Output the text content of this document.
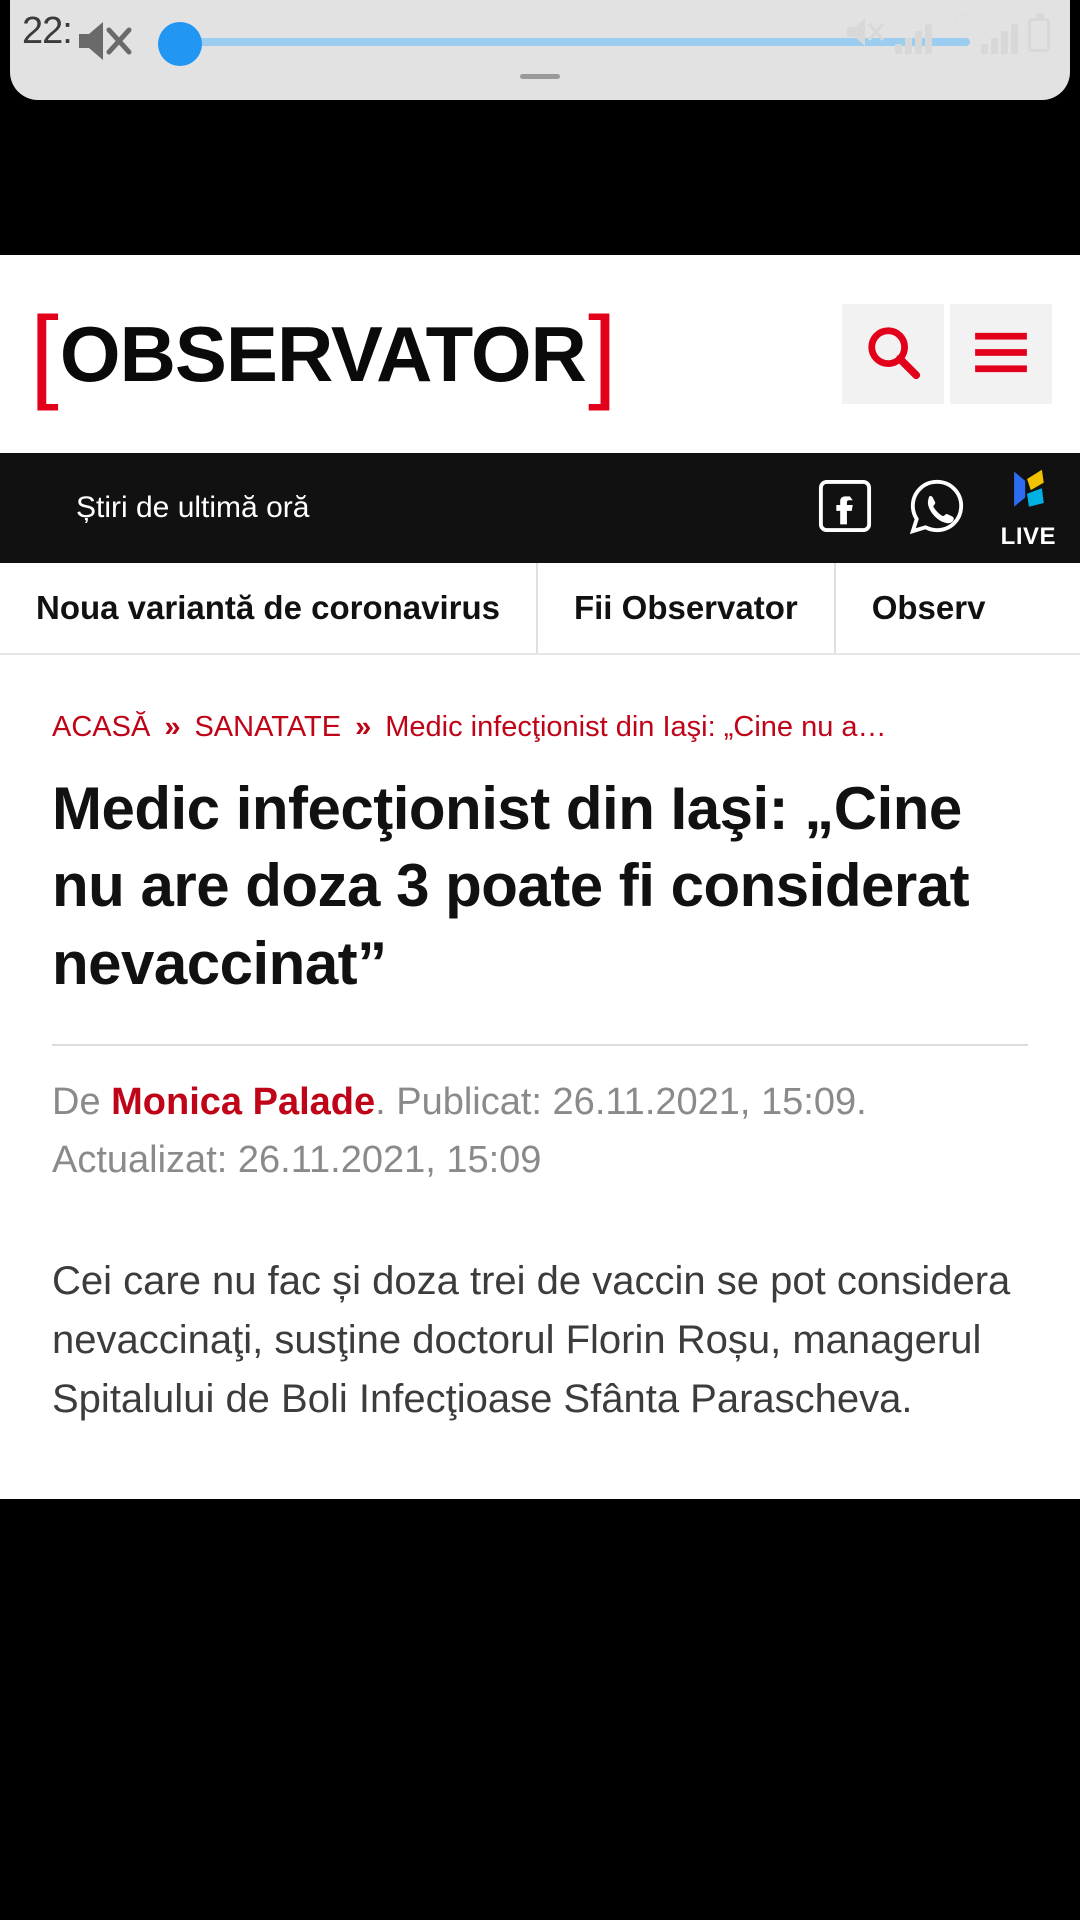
22:	4G
[ OBSERVATOR ]
Știri de ultimă oră
LIVE
Noua variantă de coronavirus	Fii Observator	Observ
ACASĂ » SANATATE » Medic infecţionist din Iaşi: „Cine nu a…
Medic infecţionist din Iaşi: „Cine nu are doza 3 poate fi considerat nevaccinat”
De Monica Palade. Publicat: 26.11.2021, 15:09. Actualizat: 26.11.2021, 15:09

Cei care nu fac și doza trei de vaccin se pot considera nevaccinaţi, susţine doctorul Florin Roșu, managerul Spitalului de Boli Infecţioase Sfânta Parascheva.
